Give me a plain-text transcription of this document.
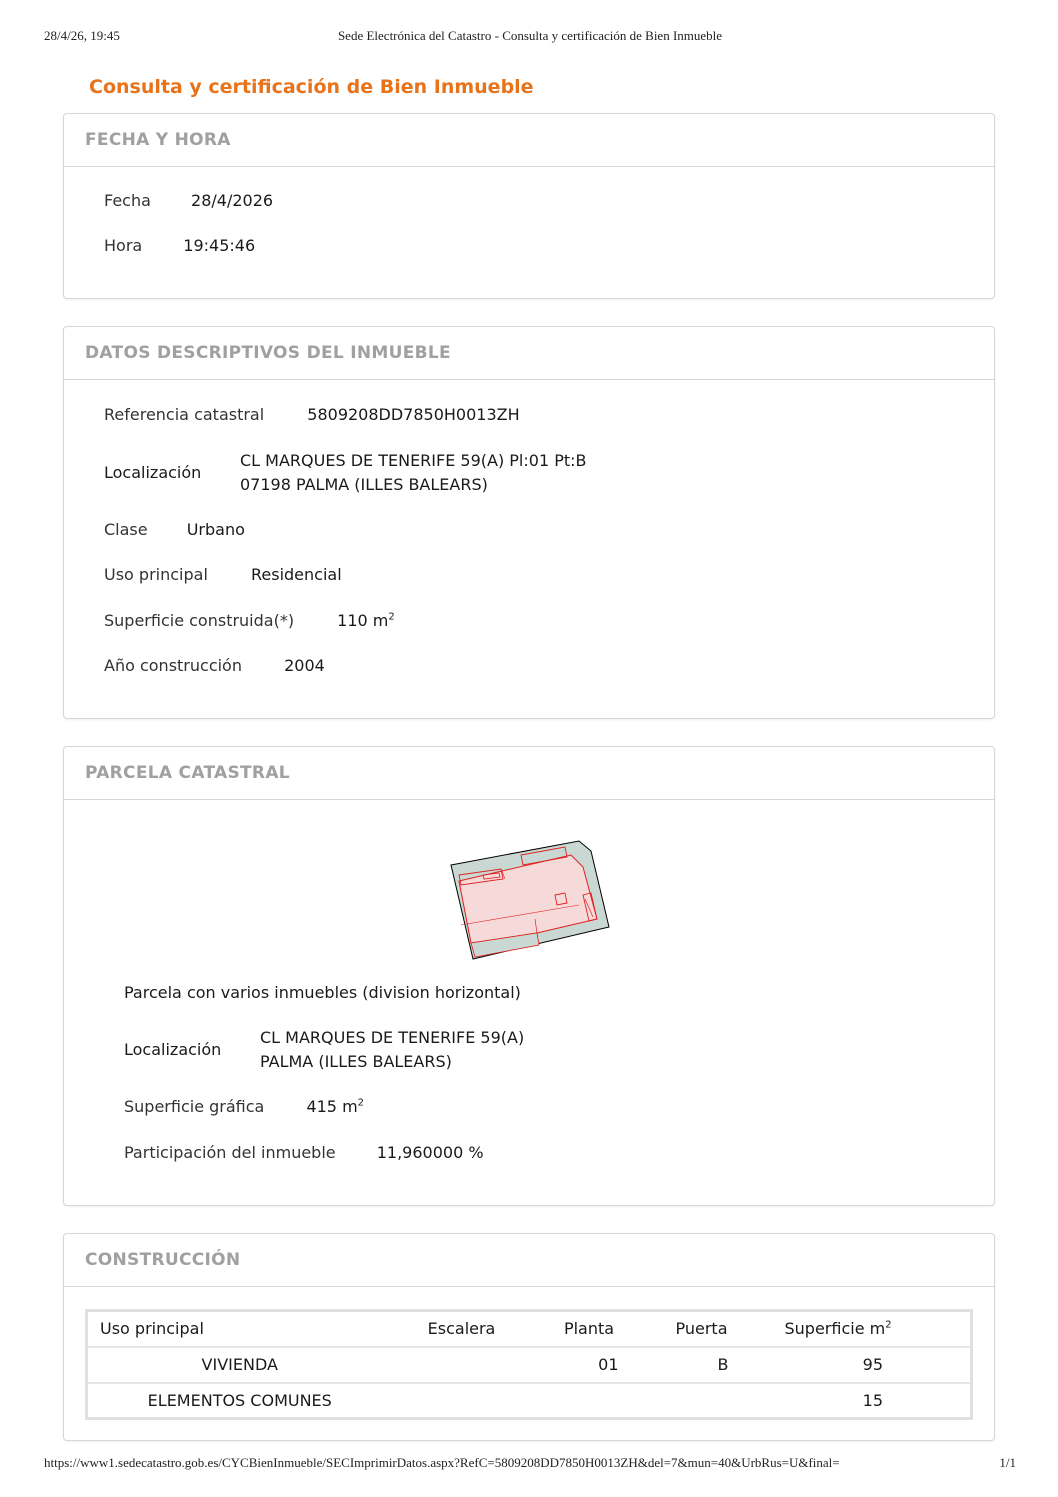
28/4/26, 19:45	Sede Electrónica del Catastro - Consulta y certificación de Bien Inmueble
Consulta y certificación de Bien Inmueble
FECHA Y HORA
Fecha	28/4/2026
Hora	19:45:46
DATOS DESCRIPTIVOS DEL INMUEBLE
Referencia catastral	5809208DD7850H0013ZH
Localización
CL MARQUES DE TENERIFE 59(A) Pl:01 Pt:B
07198 PALMA (ILLES BALEARS)
Clase Urbano
Uso principal	Residencial
Superficie construida(*)	110 $m^2$
Año construcción	2004
PARCELA CATASTRAL
Parcela con varios inmuebles (division horizontal)
Localización
CL MARQUES DE TENERIFE 59(A)
PALMA (ILLES BALEARS)
Superficie gráfica	415 $m^2$
Participación del inmueble	11,960000 %
CONSTRUCCIÓN
Uso principal	Escalera	Planta	Puerta	Superficie $m^2$
VIVIENDA		01	B	95
ELEMENTOS COMUNES				15
https://www1.sedecatastro.gob.es/CYCBienInmueble/SECImprimirDatos.aspx?RefC=5809208DD7850H0013ZH&del=7&mun=40&UrbRus=U&final=	1/1
